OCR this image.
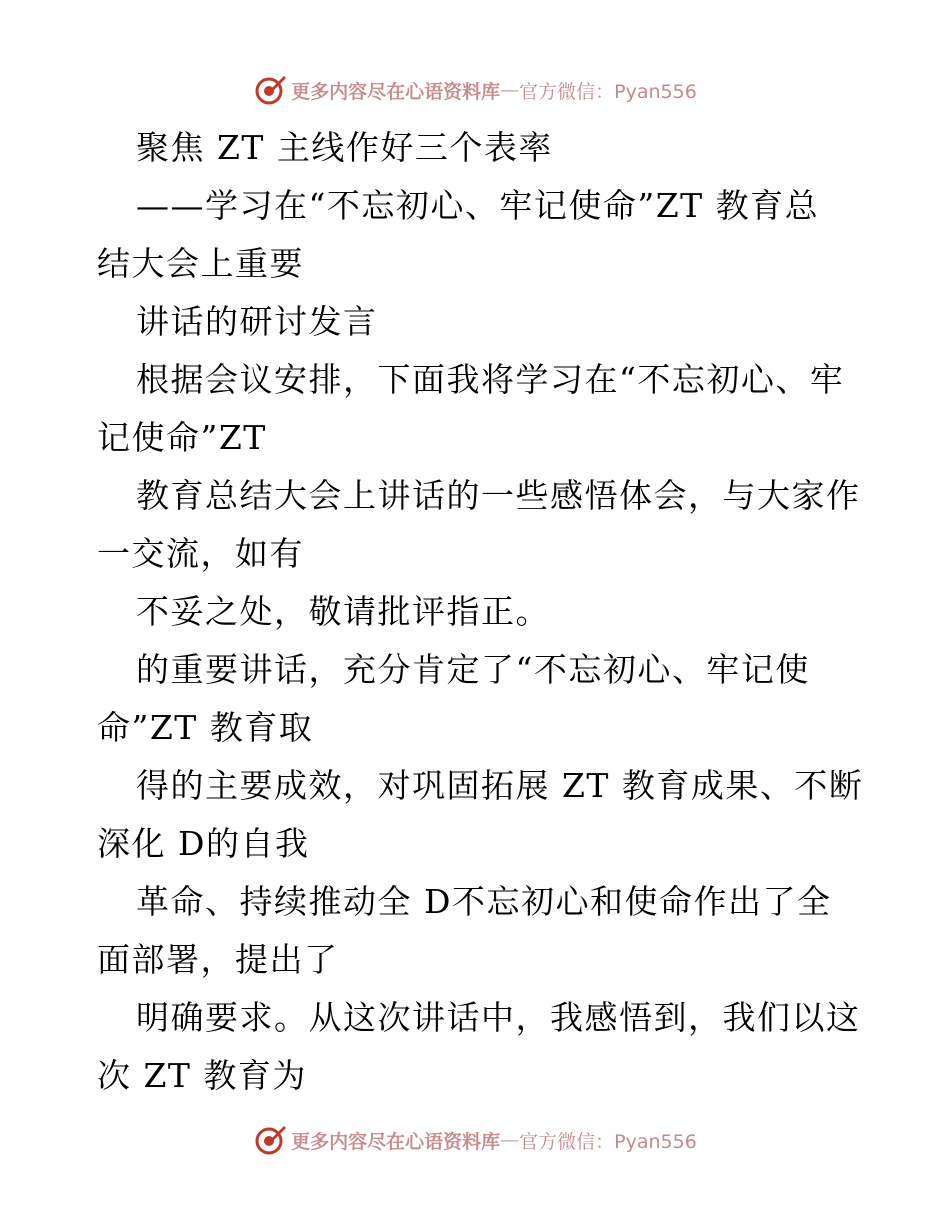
更多内容尽在心语资料库 — 官方微信：Pyan556
聚焦 ZT 主线作好三个表率
——学习在“不忘初心、牢记使命”ZT 教育总
结大会上重要
讲话的研讨发言
根据会议安排，下面我将学习在“不忘初心、牢
记使命”ZT
教育总结大会上讲话的一些感悟体会，与大家作
一交流，如有
不妥之处，敬请批评指正。
的重要讲话，充分肯定了“不忘初心、牢记使
命”ZT 教育取
得的主要成效，对巩固拓展 ZT 教育成果、不断
深化 D的自我
革命、持续推动全 D不忘初心和使命作出了全
面部署，提出了
明确要求。从这次讲话中，我感悟到，我们以这
次 ZT 教育为
更多内容尽在心语资料库 — 官方微信：Pyan556
